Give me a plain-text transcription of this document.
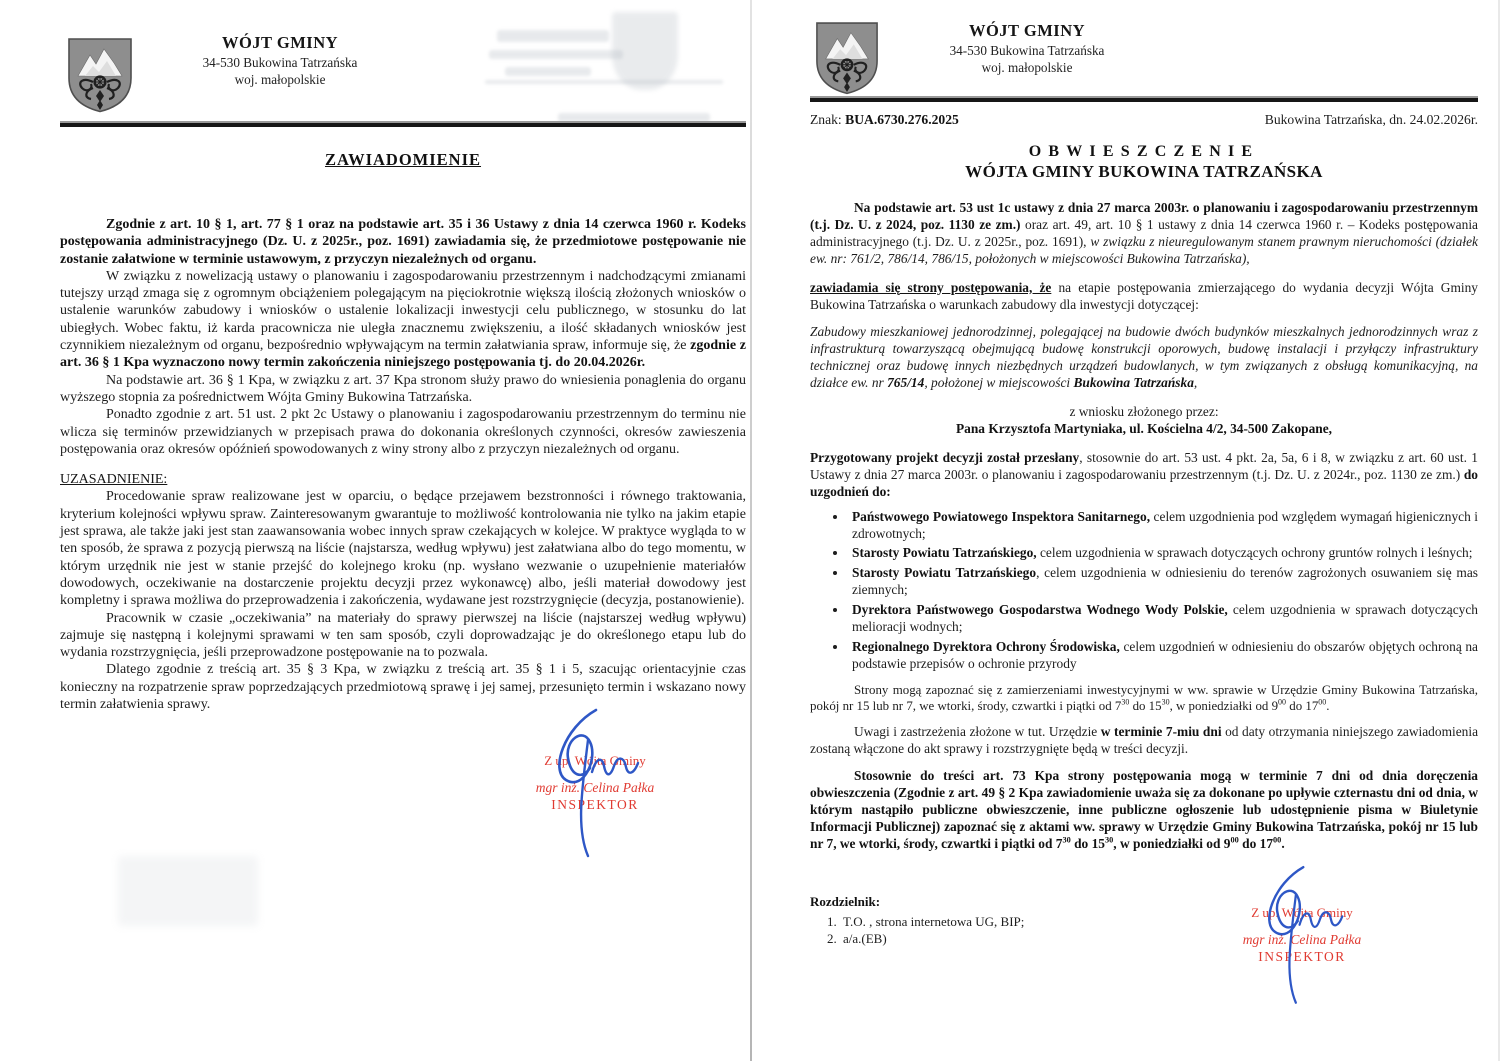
WÓJT GMINY
34-530 Bukowina Tatrzańska
woj. małopolskie
ZAWIADOMIENIE

Zgodnie z art. 10 § 1, art. 77 § 1 oraz na podstawie art. 35 i 36 Ustawy z dnia 14 czerwca 1960 r. Kodeks postępowania administracyjnego (Dz. U. z 2025r., poz. 1691) zawiadamia się, że przedmiotowe postępowanie nie zostanie załatwione w terminie ustawowym, z przyczyn niezależnych od organu.

W związku z nowelizacją ustawy o planowaniu i zagospodarowaniu przestrzennym i nadchodzącymi zmianami tutejszy urząd zmaga się z ogromnym obciążeniem polegającym na pięciokrotnie większą ilością złożonych wniosków o ustalenie warunków zabudowy i wniosków o ustalenie lokalizacji inwestycji celu publicznego, w stosunku do lat ubiegłych. Wobec faktu, iż karda pracownicza nie uległa znacznemu zwiększeniu, a ilość składanych wniosków jest czynnikiem niezależnym od organu, bezpośrednio wpływającym na termin załatwiania spraw, informuje się, że zgodnie z art. 36 § 1 Kpa wyznaczono nowy termin zakończenia niniejszego postępowania tj. do 20.04.2026r.

Na podstawie art. 36 § 1 Kpa, w związku z art. 37 Kpa stronom służy prawo do wniesienia ponaglenia do organu wyższego stopnia za pośrednictwem Wójta Gminy Bukowina Tatrzańska.

Ponadto zgodnie z art. 51 ust. 2 pkt 2c Ustawy o planowaniu i zagospodarowaniu przestrzennym do terminu nie wlicza się terminów przewidzianych w przepisach prawa do dokonania określonych czynności, okresów zawieszenia postępowania oraz okresów opóźnień spowodowanych z winy strony albo z przyczyn niezależnych od organu.

UZASADNIENIE:

Procedowanie spraw realizowane jest w oparciu, o będące przejawem bezstronności i równego traktowania, kryterium kolejności wpływu spraw. Zainteresowanym gwarantuje to możliwość kontrolowania nie tylko na jakim etapie jest sprawa, ale także jaki jest stan zaawansowania wobec innych spraw czekających w kolejce. W praktyce wygląda to w ten sposób, że sprawa z pozycją pierwszą na liście (najstarsza, według wpływu) jest załatwiana albo do tego momentu, w którym urzędnik nie jest w stanie przejść do kolejnego kroku (np. wysłano wezwanie o uzupełnienie materiałów dowodowych, oczekiwanie na dostarczenie projektu decyzji przez wykonawcę) albo, jeśli materiał dowodowy jest kompletny i sprawa możliwa do przeprowadzenia i zakończenia, wydawane jest rozstrzygnięcie (decyzja, postanowienie).

Pracownik w czasie „oczekiwania” na materiały do sprawy pierwszej na liście (najstarszej według wpływu) zajmuje się następną i kolejnymi sprawami w ten sam sposób, czyli doprowadzając je do określonego etapu lub do wydania rozstrzygnięcia, jeśli przeprowadzone postępowanie na to pozwala.

Dlatego zgodnie z treścią art. 35 § 3 Kpa, w związku z treścią art. 35 § 1 i 5, szacując orientacyjnie czas konieczny na rozpatrzenie spraw poprzedzających przedmiotową sprawę i jej samej, przesunięto termin i wskazano nowy termin załatwienia sprawy.

Z up. Wójta Gminy
mgr inż. Celina Pałka
INSPEKTOR
WÓJT GMINY
34-530 Bukowina Tatrzańska
woj. małopolskie
Znak: BUA.6730.276.2025	Bukowina Tatrzańska, dn. 24.02.2026r.
OBWIESZCZENIE
WÓJTA GMINY BUKOWINA TATRZAŃSKA

Na podstawie art. 53 ust 1c ustawy z dnia 27 marca 2003r. o planowaniu i zagospodarowaniu przestrzennym (t.j. Dz. U. z 2024, poz. 1130 ze zm.) oraz art. 49, art. 10 § 1 ustawy z dnia 14 czerwca 1960 r. – Kodeks postępowania administracyjnego (t.j. Dz. U. z 2025r., poz. 1691), w związku z nieuregulowanym stanem prawnym nieruchomości (działek ew. nr: 761/2, 786/14, 786/15, położonych w miejscowości Bukowina Tatrzańska),

zawiadamia się strony postępowania, że na etapie postępowania zmierzającego do wydania decyzji Wójta Gminy Bukowina Tatrzańska o warunkach zabudowy dla inwestycji dotyczącej:

Zabudowy mieszkaniowej jednorodzinnej, polegającej na budowie dwóch budynków mieszkalnych jednorodzinnych wraz z infrastrukturą towarzyszącą obejmującą budowę konstrukcji oporowych, budowę instalacji i przyłączy infrastruktury technicznej oraz budowę innych niezbędnych urządzeń budowlanych, w tym związanych z obsługą komunikacyjną, na działce ew. nr 765/14, położonej w miejscowości Bukowina Tatrzańska,

z wniosku złożonego przez:

Pana Krzysztofa Martyniaka, ul. Kościelna 4/2, 34-500 Zakopane,

Przygotowany projekt decyzji został przesłany, stosownie do art. 53 ust. 4 pkt. 2a, 5a, 6 i 8, w związku z art. 60 ust. 1 Ustawy z dnia 27 marca 2003r. o planowaniu i zagospodarowaniu przestrzennym (t.j. Dz. U. z 2024r., poz. 1130 ze zm.) do uzgodnień do:

• Państwowego Powiatowego Inspektora Sanitarnego, celem uzgodnienia pod względem wymagań higienicznych i zdrowotnych;
• Starosty Powiatu Tatrzańskiego, celem uzgodnienia w sprawach dotyczących ochrony gruntów rolnych i leśnych;
• Starosty Powiatu Tatrzańskiego, celem uzgodnienia w odniesieniu do terenów zagrożonych osuwaniem się mas ziemnych;
• Dyrektora Państwowego Gospodarstwa Wodnego Wody Polskie, celem uzgodnienia w sprawach dotyczących melioracji wodnych;
• Regionalnego Dyrektora Ochrony Środowiska, celem uzgodnień w odniesieniu do obszarów objętych ochroną na podstawie przepisów o ochronie przyrody

Strony mogą zapoznać się z zamierzeniami inwestycyjnymi w ww. sprawie w Urzędzie Gminy Bukowina Tatrzańska, pokój nr 15 lub nr 7, we wtorki, środy, czwartki i piątki od $7^{30}$ do $15^{30}$, w poniedziałki od $9^{00}$ do $17^{00}$.

Uwagi i zastrzeżenia złożone w tut. Urzędzie w terminie 7-miu dni od daty otrzymania niniejszego zawiadomienia zostaną włączone do akt sprawy i rozstrzygnięte będą w treści decyzji.

Stosownie do treści art. 73 Kpa strony postępowania mogą w terminie 7 dni od dnia doręczenia obwieszczenia (Zgodnie z art. 49 § 2 Kpa zawiadomienie uważa się za dokonane po upływie czternastu dni od dnia, w którym nastąpiło publiczne obwieszczenie, inne publiczne ogłoszenie lub udostępnienie pisma w Biuletynie Informacji Publicznej) zapoznać się z aktami ww. sprawy w Urzędzie Gminy Bukowina Tatrzańska, pokój nr 15 lub nr 7, we wtorki, środy, czwartki i piątki od $7^{30}$ do $15^{30}$, w poniedziałki od $9^{00}$ do $17^{00}$.

Rozdzielnik:
1. T.O. , strona internetowa UG, BIP;
2. a/a.(EB)
Z up. Wójta Gminy
mgr inż. Celina Pałka
INSPEKTOR
